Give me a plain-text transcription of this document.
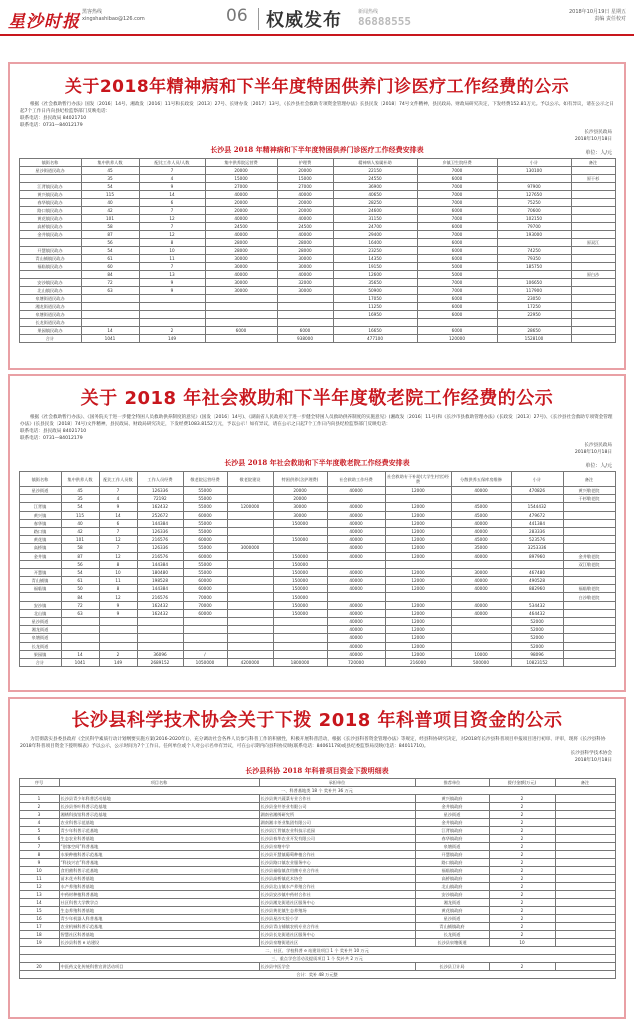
星沙时报 黑客热线
xingshashibao@126.com	06 权威发布	新闻热线
86888555
2018年10月19日 星期五
责编 责任校对
关于2018年精神病和下半年度特困供养门诊医疗工作经费的公示
根据《社会救助暂行办法》国发〔2016〕14号、湘政发〔2016〕11号和长政发〔2013〕27号、长财办发〔2017〕13号，《长沙县社会救助专项资金管理办法》长县民发〔2018〕74号文件精神，县民政局、财政局研究决定，下发经费152.81万元。予以公示。如有异议，请在公示之日起7个工作日内向县纪检监察部门反映电话：
联系电话：县民政局 84021710
联系电话：0731—84012179
长沙县民政局
2018年10月18日
长沙县 2018 年精神病和下半年度特困供养门诊医疗工作经费安排表	单位：人/元
镇街名称	集中供养人数	配比工作人员/人数	集中供养院运营费	护理费	精神病人家属补助	乡镇卫生院经费	小计	备注
星沙街道民政办	45	7	20000	20000	22150	7000	130100	
	35	4	15000	15000	24550	6000		原干杉
江背镇民政办	54	9	27000	27000	36900	7000	97900	
黄兴镇民政办	115	14	40000	40000	40650	7000	127650	
春华镇民政办	40	6	20000	20000	28250	7000	75250	
路口镇民政办	42	7	20000	20000	24600	6000	70600	
黄花镇民政办	101	12	40000	40000	31150	7000	102150	
高桥镇民政办	58	7	24500	24500	24700	6000	79700	
金井镇民政办	87	12	40000	40000	29400	7000	193000	
	56	8	28000	28000	16400	6000		原双江
开慧镇民政办	54	10	28000	28000	23250	6000	74250	
青山铺镇民政办	61	11	30000	30000	14350	6000	79350	
福临镇民政办	60	7	30000	30000	19150	5000	185750	
	84	13	40000	40000	12600	5000		原白沙
安沙镇民政办	72	9	30000	32000	35650	7000	106650	
北山镇民政办	63	9	30000	30000	50900	7000	117900	
泉塘街道民政办					17050	6000	23050	
湘龙街道民政办					11250	6000	17250	
泉塘街道民政办					16950	6000	22950	
长龙街道民政办								
果园镇民政办	14	2	6000	6000	16650	6000	28650	
合计	1041	149		938000	477100	120000	1528100	
关于 2018 年社会救助和下半年度敬老院工作经费的公示
根据《社会救助暂行办法》、《国务院关于进一步健全特困人员救助供养制度的意见》(国发〔2016〕14号)、《湖南省人民政府关于进一步健全特困人员救助供养制度的实施意见》(湘政发〔2016〕11号)和《长沙市县救助管理办法》(长政发〔2013〕27号)、《长沙县社会救助专项资金管理办法》(长县民发〔2018〕74号)文件精神，县民政局、财政局研究决定，下发经费1083.8152万元，予以公示！如有异议，请在公示之日起7个工作日内向县纪检监察部门反映电话：
联系电话：县民政局 84021710
联系电话：0731—84012179
长沙县民政局
2018年10月18日
长沙县 2018 年社会救助和下半年度敬老院工作经费安排表	单位：人/元
镇街名称	集中供养人数	配比工作人员数	工作人员经费	敬老院运营经费	敬老院建设	特困供养(含护理费)	社会救助工作经费	社会救助专干补助(大学生村官)经费	分散供养五保库房维修	小计	备注
星沙街道	45	7	126336	55000		20000	40000	12000	40000	470826	黄兴敬老院
	35	4	72192	55000		20000					干杉敬老院
江背镇	54	9	162432	55000	1200000	30000	40000	12000	45000	1544432	
黄兴镇	115	14	252672	60000		30000	40000	12000	45000	479672	
春华镇	40	6	144384	55000		150000	40000	12000	40000	441384	
路口镇	42	7	126336	55000			40000	12000	40000	283336	
黄花镇	101	12	216576	60000		150000	40000	12000	45000	523576	
高桥镇	58	7	126336	55000	3000000		40000	12000	35000	3253336	
金井镇	87	12	216576	60000		150000	40000	12000	40000	897960	金井敬老院
	56	8	144384	55000		150000					双江敬老院
开慧镇	54	10	180480	55000		150000	40000	12000	30000	467480	
青山铺镇	61	11	198528	60000		150000	40000	12000	40000	490528	
福临镇	50	8	144384	60000		150000	40000	12000	40000	882960	福临敬老院
	84	12	216576	70000		150000					白沙敬老院
安沙镇	72	9	162432	70000		150000	40000	12000	40000	534432	
北山镇	63	9	162432	60000		150000	40000	12000	40000	464432	
星沙街道							40000	12000		52000	
湘龙街道							40000	12000		52000	
泉塘街道							40000	12000		52000	
长龙街道							40000	12000		52000	
果园镇	14	2	36096	/			40000	12000	10000	98096	
合计	1041	149	2689152	1050000	4200000	1800000	720000	216000	500000	10823152	
长沙县科学技术协会关于下拨 2018 年科普项目资金的公示
为贯彻落实县委县政府《全民科学素质行动计划纲要实施方案(2016-2020年)》，充分调动社会各界人员参与科普工作的积极性，积极开展科普活动，根据《长沙县科普资金管理办法》等规定，经县科协研究决定，对2018年长沙县科普项目申报项目进行初审、评审，现将《长沙县科协2018年科普项目资金下拨明细表》予以公示，公示时间为7个工作日。任何单位或个人对公示名单有异议，可在公示期内向县科协反映(联系电话：84061178)或县纪委监察局反映(电话：84011710)。
长沙县科学技术协会
2018年10月18日
长沙县科协 2018 年科普项目资金下拨明细表
序号	项目名称	承担单位	推荐单位	拨付金额(万元)	备注
一、科普基地类 18 个 奖补共 36 万元					
1	长沙县青少年科普活动基地	长沙县黄兴蔬菜专业合作社	黄兴镇政府	2	
2	长沙县茶叶科普示范基地	长沙县金井茶业有限公司	金井镇政府	2	
3	湘绣科技馆科普示范基地	湖南省湘绣研究所	星沙街道	2	
4	农业科普示范基地	湖南湘丰茶业集团有限公司	金井镇政府	2	
5	青少年科普示范基地	长沙县江背镇农业科技示范园	江背镇政府	2	
6	生态农业科普基地	长沙县春华农业开发有限公司	春华镇政府	2	
7	“创客空间”科普基地	长沙县泉塘中学	泉塘街道	2	
8	水果种植科普示范基地	长沙县开慧镇葡萄种植合作社	开慧镇政府	2	
9	“科技兴农”科普基地	长沙县路口镇农业服务中心	路口镇政府	2	
10	食用菌科普示范基地	长沙县福临镇食用菌专业合作社	福临镇政府	2	
11	苗木花卉科普基地	长沙县高桥镇花木协会	高桥镇政府	2	
12	水产养殖科普基地	长沙县北山镇水产养殖合作社	北山镇政府	2	
13	中药材种植科普基地	长沙县安沙镇中药材合作社	安沙镇政府	2	
14	社区科普大学教学点	长沙县湘龙街道社区服务中心	湘龙街道	2	
15	生态养殖科普基地	长沙县黄花镇生态养殖场	黄花镇政府	2	
16	青少年机器人科普基地	长沙县星沙实验小学	星沙街道	2	
17	农业机械科普示范基地	长沙县青山铺镇农机专业合作社	青山铺镇政府	2	
18	智慧社区科普基地	长沙县长龙街道社区服务中心	长龙街道	2	
19	长沙县科普 e 站建设	长沙县泉塘街道社区	长沙县泉塘街道	10	
二、社区、学校科普 e 站建设项目 1 个 奖补共 10 万元					
三、重点学会活动及提质项目 1 个 奖补共 2 万元					
20	中医药文化传统科普宣讲活动项目	长沙县中医学会	长沙县卫计局	2	
合计：奖补 48 万元整					
